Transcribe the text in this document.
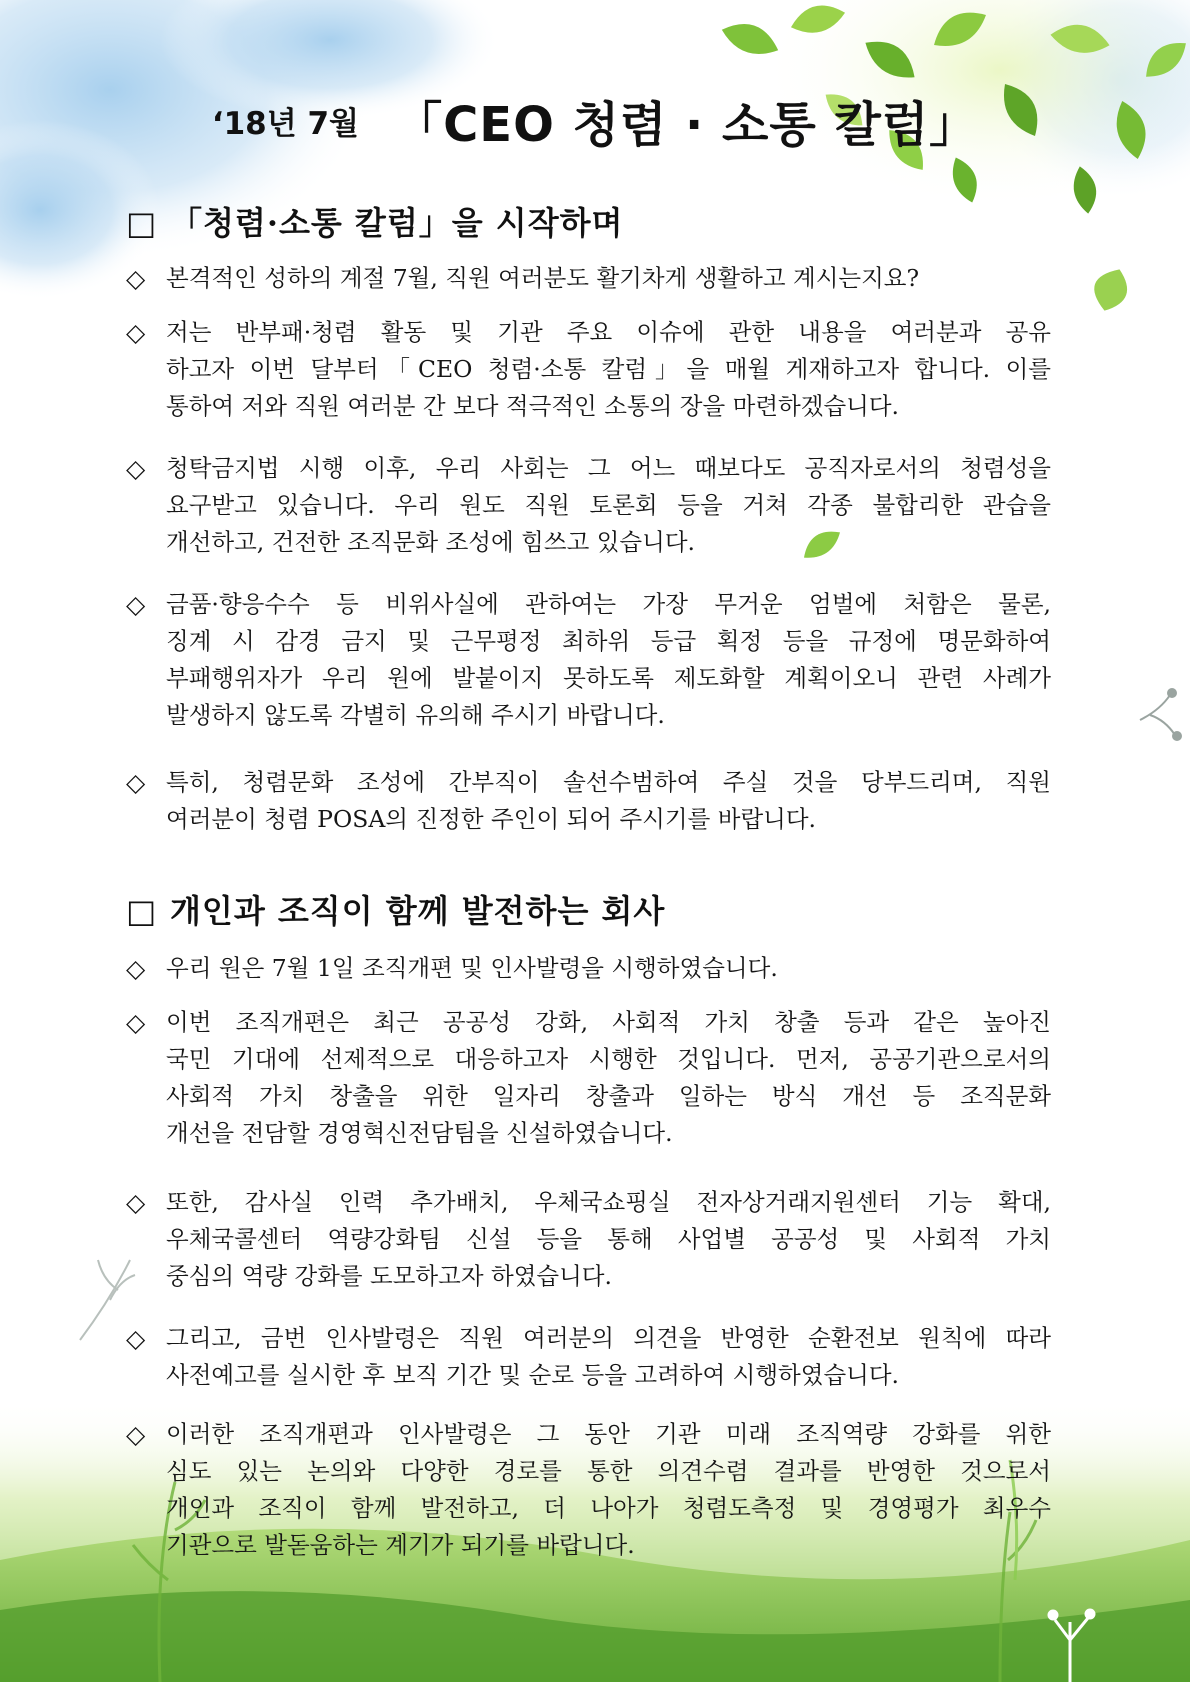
‘18년 7월 「CEO 청렴 · 소통 칼럼」
□ 「청렴·소통 칼럼」을 시작하며
◇ 본격적인 성하의 계절 7월, 직원 여러분도 활기차게 생활하고 계시는지요?
◇ 저는 반부패·청렴 활동 및 기관 주요 이슈에 관한 내용을 여러분과 공유
하고자 이번 달부터「CEO 청렴·소통 칼럼」을 매월 게재하고자 합니다. 이를
통하여 저와 직원 여러분 간 보다 적극적인 소통의 장을 마련하겠습니다.
◇ 청탁금지법 시행 이후, 우리 사회는 그 어느 때보다도 공직자로서의 청렴성을
요구받고 있습니다. 우리 원도 직원 토론회 등을 거쳐 각종 불합리한 관습을
개선하고, 건전한 조직문화 조성에 힘쓰고 있습니다.
◇ 금품·향응수수 등 비위사실에 관하여는 가장 무거운 엄벌에 처함은 물론,
징계 시 감경 금지 및 근무평정 최하위 등급 획정 등을 규정에 명문화하여
부패행위자가 우리 원에 발붙이지 못하도록 제도화할 계획이오니 관련 사례가
발생하지 않도록 각별히 유의해 주시기 바랍니다.
◇ 특히, 청렴문화 조성에 간부직이 솔선수범하여 주실 것을 당부드리며, 직원
여러분이 청렴 POSA의 진정한 주인이 되어 주시기를 바랍니다.
□ 개인과 조직이 함께 발전하는 회사
◇ 우리 원은 7월 1일 조직개편 및 인사발령을 시행하였습니다.
◇ 이번 조직개편은 최근 공공성 강화, 사회적 가치 창출 등과 같은 높아진
국민 기대에 선제적으로 대응하고자 시행한 것입니다. 먼저, 공공기관으로서의
사회적 가치 창출을 위한 일자리 창출과 일하는 방식 개선 등 조직문화
개선을 전담할 경영혁신전담팀을 신설하였습니다.
◇ 또한, 감사실 인력 추가배치, 우체국쇼핑실 전자상거래지원센터 기능 확대,
우체국콜센터 역량강화팀 신설 등을 통해 사업별 공공성 및 사회적 가치
중심의 역량 강화를 도모하고자 하였습니다.
◇ 그리고, 금번 인사발령은 직원 여러분의 의견을 반영한 순환전보 원칙에 따라
사전예고를 실시한 후 보직 기간 및 순로 등을 고려하여 시행하였습니다.
◇ 이러한 조직개편과 인사발령은 그 동안 기관 미래 조직역량 강화를 위한
심도 있는 논의와 다양한 경로를 통한 의견수렴 결과를 반영한 것으로서
개인과 조직이 함께 발전하고, 더 나아가 청렴도측정 및 경영평가 최우수
기관으로 발돋움하는 계기가 되기를 바랍니다.
